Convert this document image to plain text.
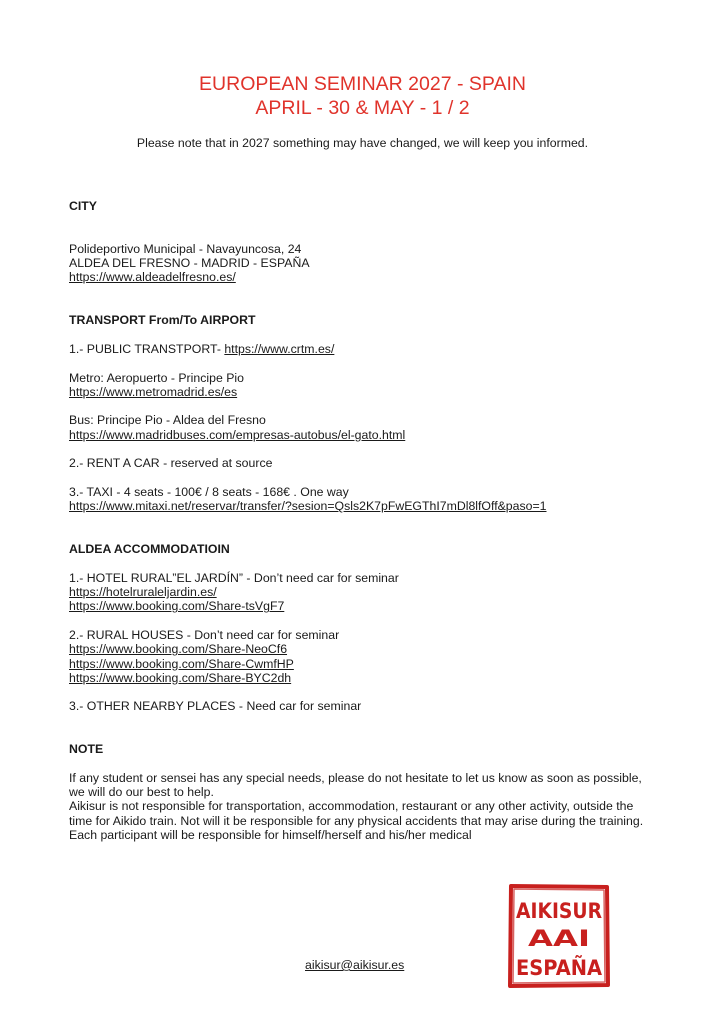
EUROPEAN SEMINAR 2027 - SPAIN
APRIL - 30 & MAY - 1 / 2
Please note that in 2027 something may have changed, we will keep you informed.

CITY

Polideportivo Municipal - Navayuncosa, 24

ALDEA DEL FRESNO - MADRID - ESPAÑA

https://www.aldeadelfresno.es/

TRANSPORT From/To AIRPORT

1.- PUBLIC TRANSTPORT- https://www.crtm.es/

Metro: Aeropuerto - Principe Pio

https://www.metromadrid.es/es

Bus: Principe Pio - Aldea del Fresno

https://www.madridbuses.com/empresas-autobus/el-gato.html

2.- RENT A CAR - reserved at source

3.- TAXI - 4 seats - 100€ / 8 seats - 168€ . One way

https://www.mitaxi.net/reservar/transfer/?sesion=Qsls2K7pFwEGThI7mDl8lfOff&paso=1

ALDEA ACCOMMODATIOIN

1.- HOTEL RURAL”EL JARDÍN” - Don’t need car for seminar

https://hotelruraleljardin.es/

https://www.booking.com/Share-tsVgF7

2.- RURAL HOUSES - Don’t need car for seminar

https://www.booking.com/Share-NeoCf6

https://www.booking.com/Share-CwmfHP

https://www.booking.com/Share-BYC2dh

3.- OTHER NEARBY PLACES - Need car for seminar

NOTE

If any student or sensei has any special needs, please do not hesitate to let us know as soon as possible, we will do our best to help.

Aikisur is not responsible for transportation, accommodation, restaurant or any other activity, outside the time for Aikido train. Not will it be responsible for any physical accidents that may arise during the training. Each participant will be responsible for himself/herself and his/her medical

aikisur@aikisur.es
AIKISUR
AAI
ESPAÑA
